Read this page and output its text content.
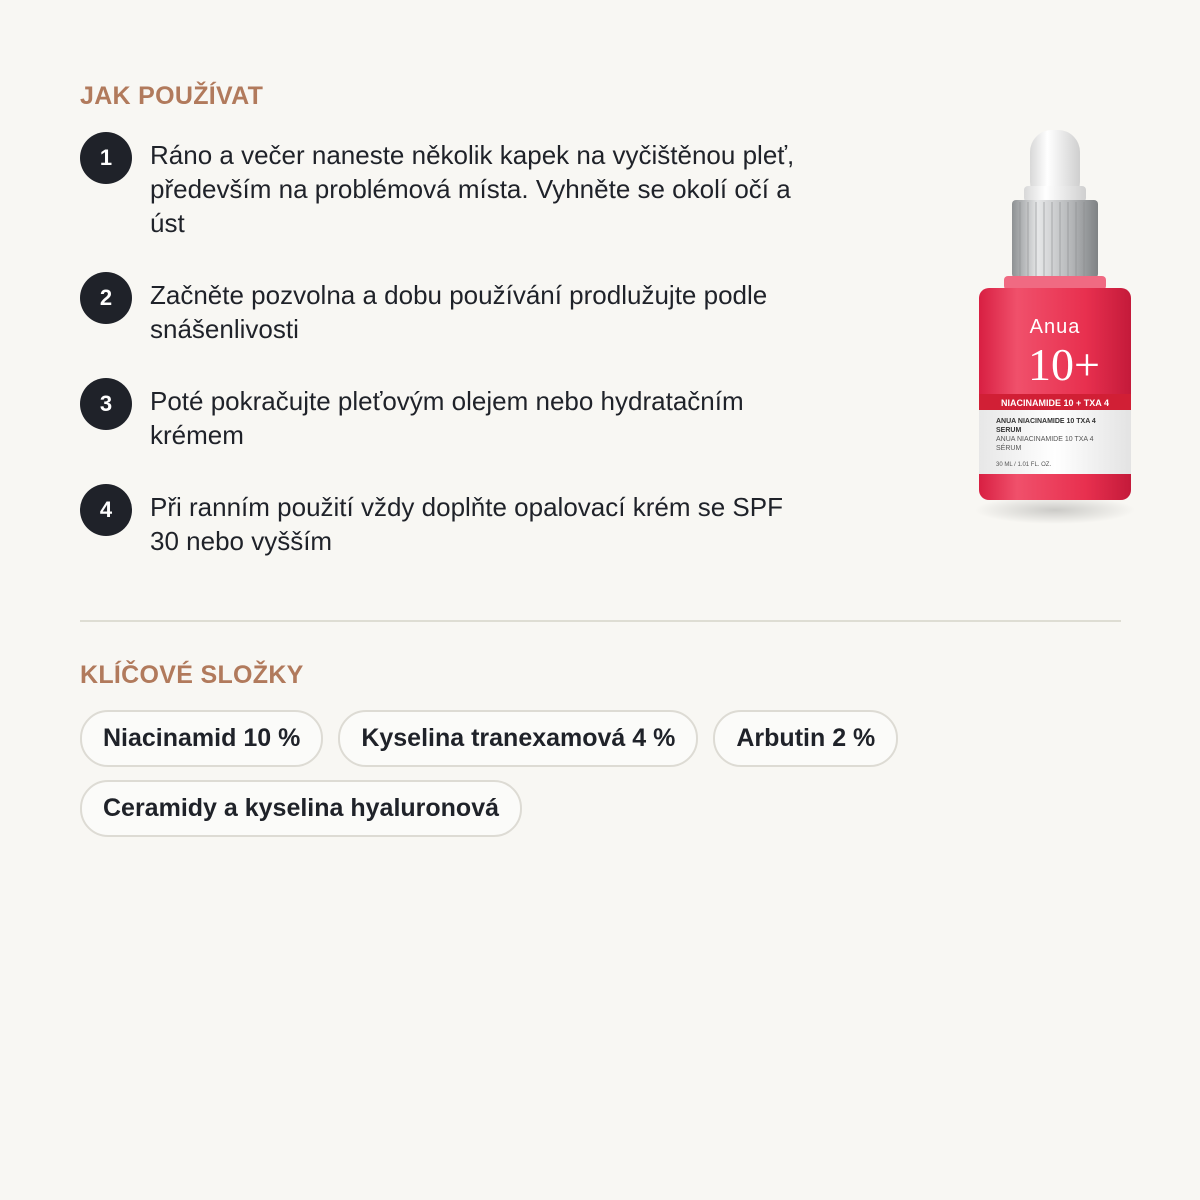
JAK POUŽÍVAT
1	Ráno a večer naneste několik kapek na vyčištěnou pleť, především na problémová místa. Vyhněte se okolí očí a úst
2	Začněte pozvolna a dobu používání prodlužujte podle snášenlivosti
3	Poté pokračujte pleťovým olejem nebo hydratačním krémem
4	Při ranním použití vždy doplňte opalovací krém se SPF 30 nebo vyšším
Anua
10+
NIACINAMIDE 10 + TXA 4
ANUA NIACINAMIDE 10 TXA 4
SERUM
ANUA NIACINAMIDE 10 TXA 4
SÉRUM
30 ML / 1.01 FL. OZ.
KLÍČOVÉ SLOŽKY
Niacinamid 10 %	Kyselina tranexamová 4 %	Arbutin 2 %
Ceramidy a kyselina hyaluronová
